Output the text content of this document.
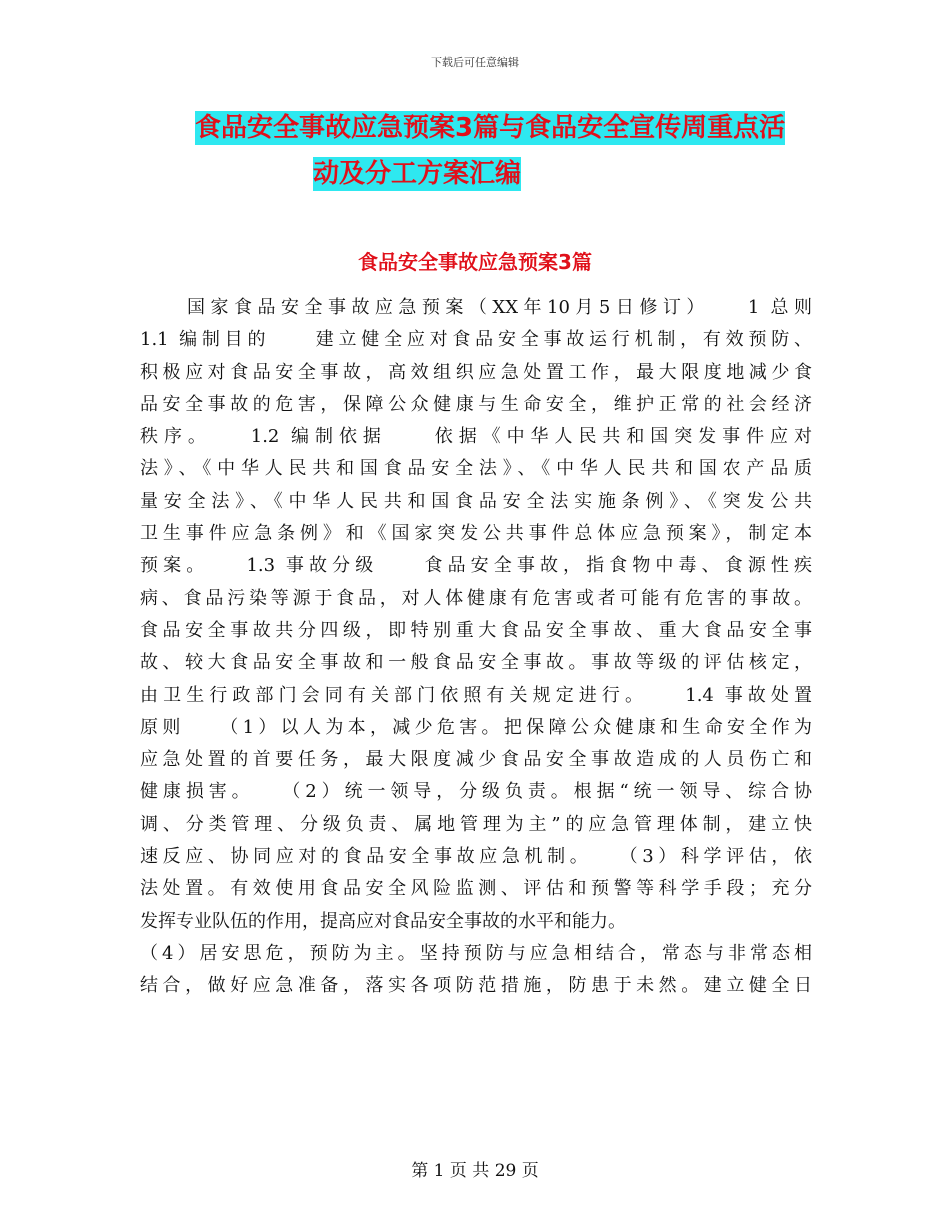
下载后可任意编辑
食品安全事故应急预案3篇与食品安全宣传周重点活
动及分工方案汇编
食品安全事故应急预案3篇
　　国家食品安全事故应急预案（XX年10月5日修订）　　1 总则
1.1 编制目的　　建立健全应对食品安全事故运行机制，有效预防、
积极应对食品安全事故，高效组织应急处置工作，最大限度地减少食
品安全事故的危害，保障公众健康与生命安全，维护正常的社会经济
秩序。　　1.2 编制依据　　依据《中华人民共和国突发事件应对
法》、《中华人民共和国食品安全法》、《中华人民共和国农产品质
量安全法》、《中华人民共和国食品安全法实施条例》、《突发公共
卫生事件应急条例》和《国家突发公共事件总体应急预案》，制定本
预案。　　1.3 事故分级　　食品安全事故，指食物中毒、食源性疾
病、食品污染等源于食品，对人体健康有危害或者可能有危害的事故。
食品安全事故共分四级，即特别重大食品安全事故、重大食品安全事
故、较大食品安全事故和一般食品安全事故。事故等级的评估核定，
由卫生行政部门会同有关部门依照有关规定进行。　　1.4 事故处置
原则　　（1）以人为本，减少危害。把保障公众健康和生命安全作为
应急处置的首要任务，最大限度减少食品安全事故造成的人员伤亡和
健康损害。　　（2）统一领导，分级负责。根据“统一领导、综合协
调、分类管理、分级负责、属地管理为主”的应急管理体制，建立快
速反应、协同应对的食品安全事故应急机制。　　（3）科学评估，依
法处置。有效使用食品安全风险监测、评估和预警等科学手段；充分
发挥专业队伍的作用，提高应对食品安全事故的水平和能力。
（4）居安思危，预防为主。坚持预防与应急相结合，常态与非常态相
结合，做好应急准备，落实各项防范措施，防患于未然。建立健全日
第 1 页 共 29 页
